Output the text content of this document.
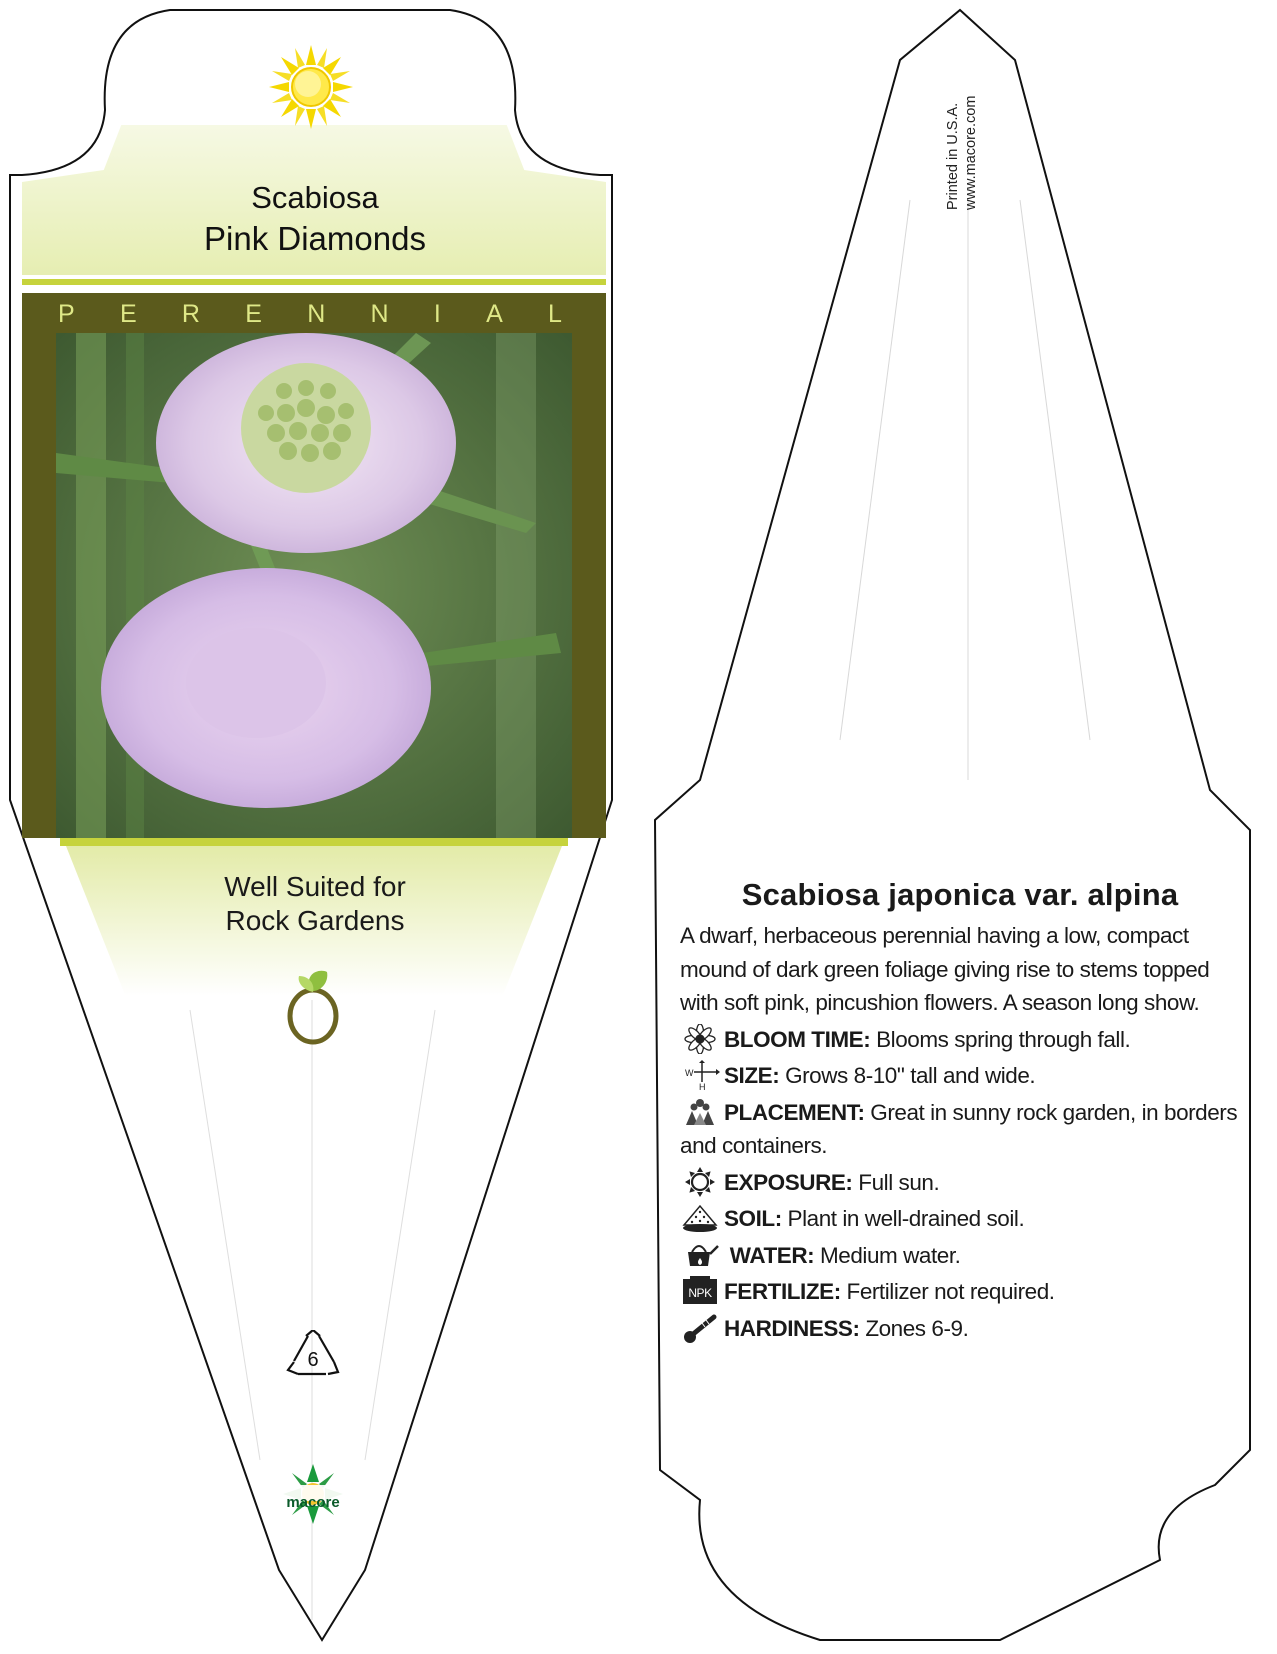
Scabiosa
Pink Diamonds
P E R E N N I A L
Well Suited for
Rock Gardens
6
macore
Printed in U.S.A. www.macore.com
Scabiosa japonica var. alpina
A dwarf, herbaceous perennial having a low, compact mound of dark green foliage giving rise to stems topped with soft pink, pincushion flowers. A season long show.
BLOOM TIME: Blooms spring through fall.
W
H SIZE: Grows 8-10" tall and wide.
PLACEMENT: Great in sunny rock garden, in borders and containers.
EXPOSURE: Full sun.
SOIL: Plant in well-drained soil.
WATER: Medium water.
NPK FERTILIZE: Fertilizer not required.
HARDINESS: Zones 6-9.
